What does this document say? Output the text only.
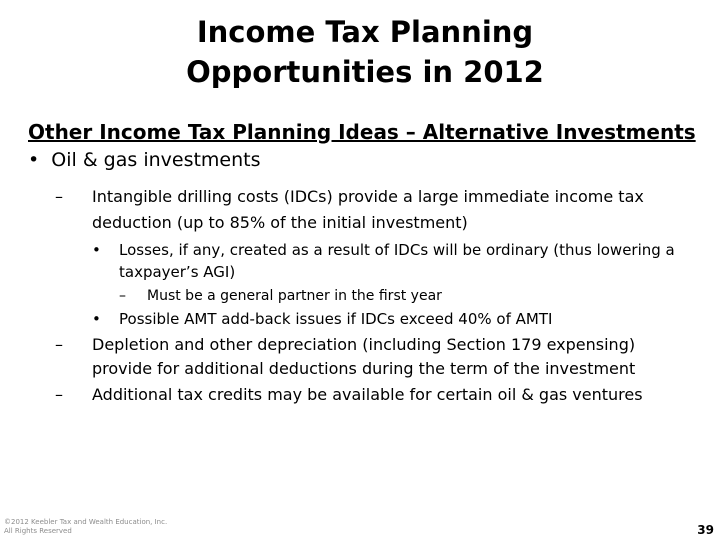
Income Tax Planning
Opportunities in 2012
Other Income Tax Planning Ideas – Alternative Investments
• Oil & gas investments
– Intangible drilling costs (IDCs) provide a large immediate income tax
deduction (up to 85% of the initial investment)
• Losses, if any, created as a result of IDCs will be ordinary (thus lowering a
taxpayer’s AGI)
– Must be a general partner in the first year
• Possible AMT add-back issues if IDCs exceed 40% of AMTI
– Depletion and other depreciation (including Section 179 expensing)
provide for additional deductions during the term of the investment
– Additional tax credits may be available for certain oil & gas ventures
©2012 Keebler Tax and Wealth Education, Inc.
All Rights Reserved	39
